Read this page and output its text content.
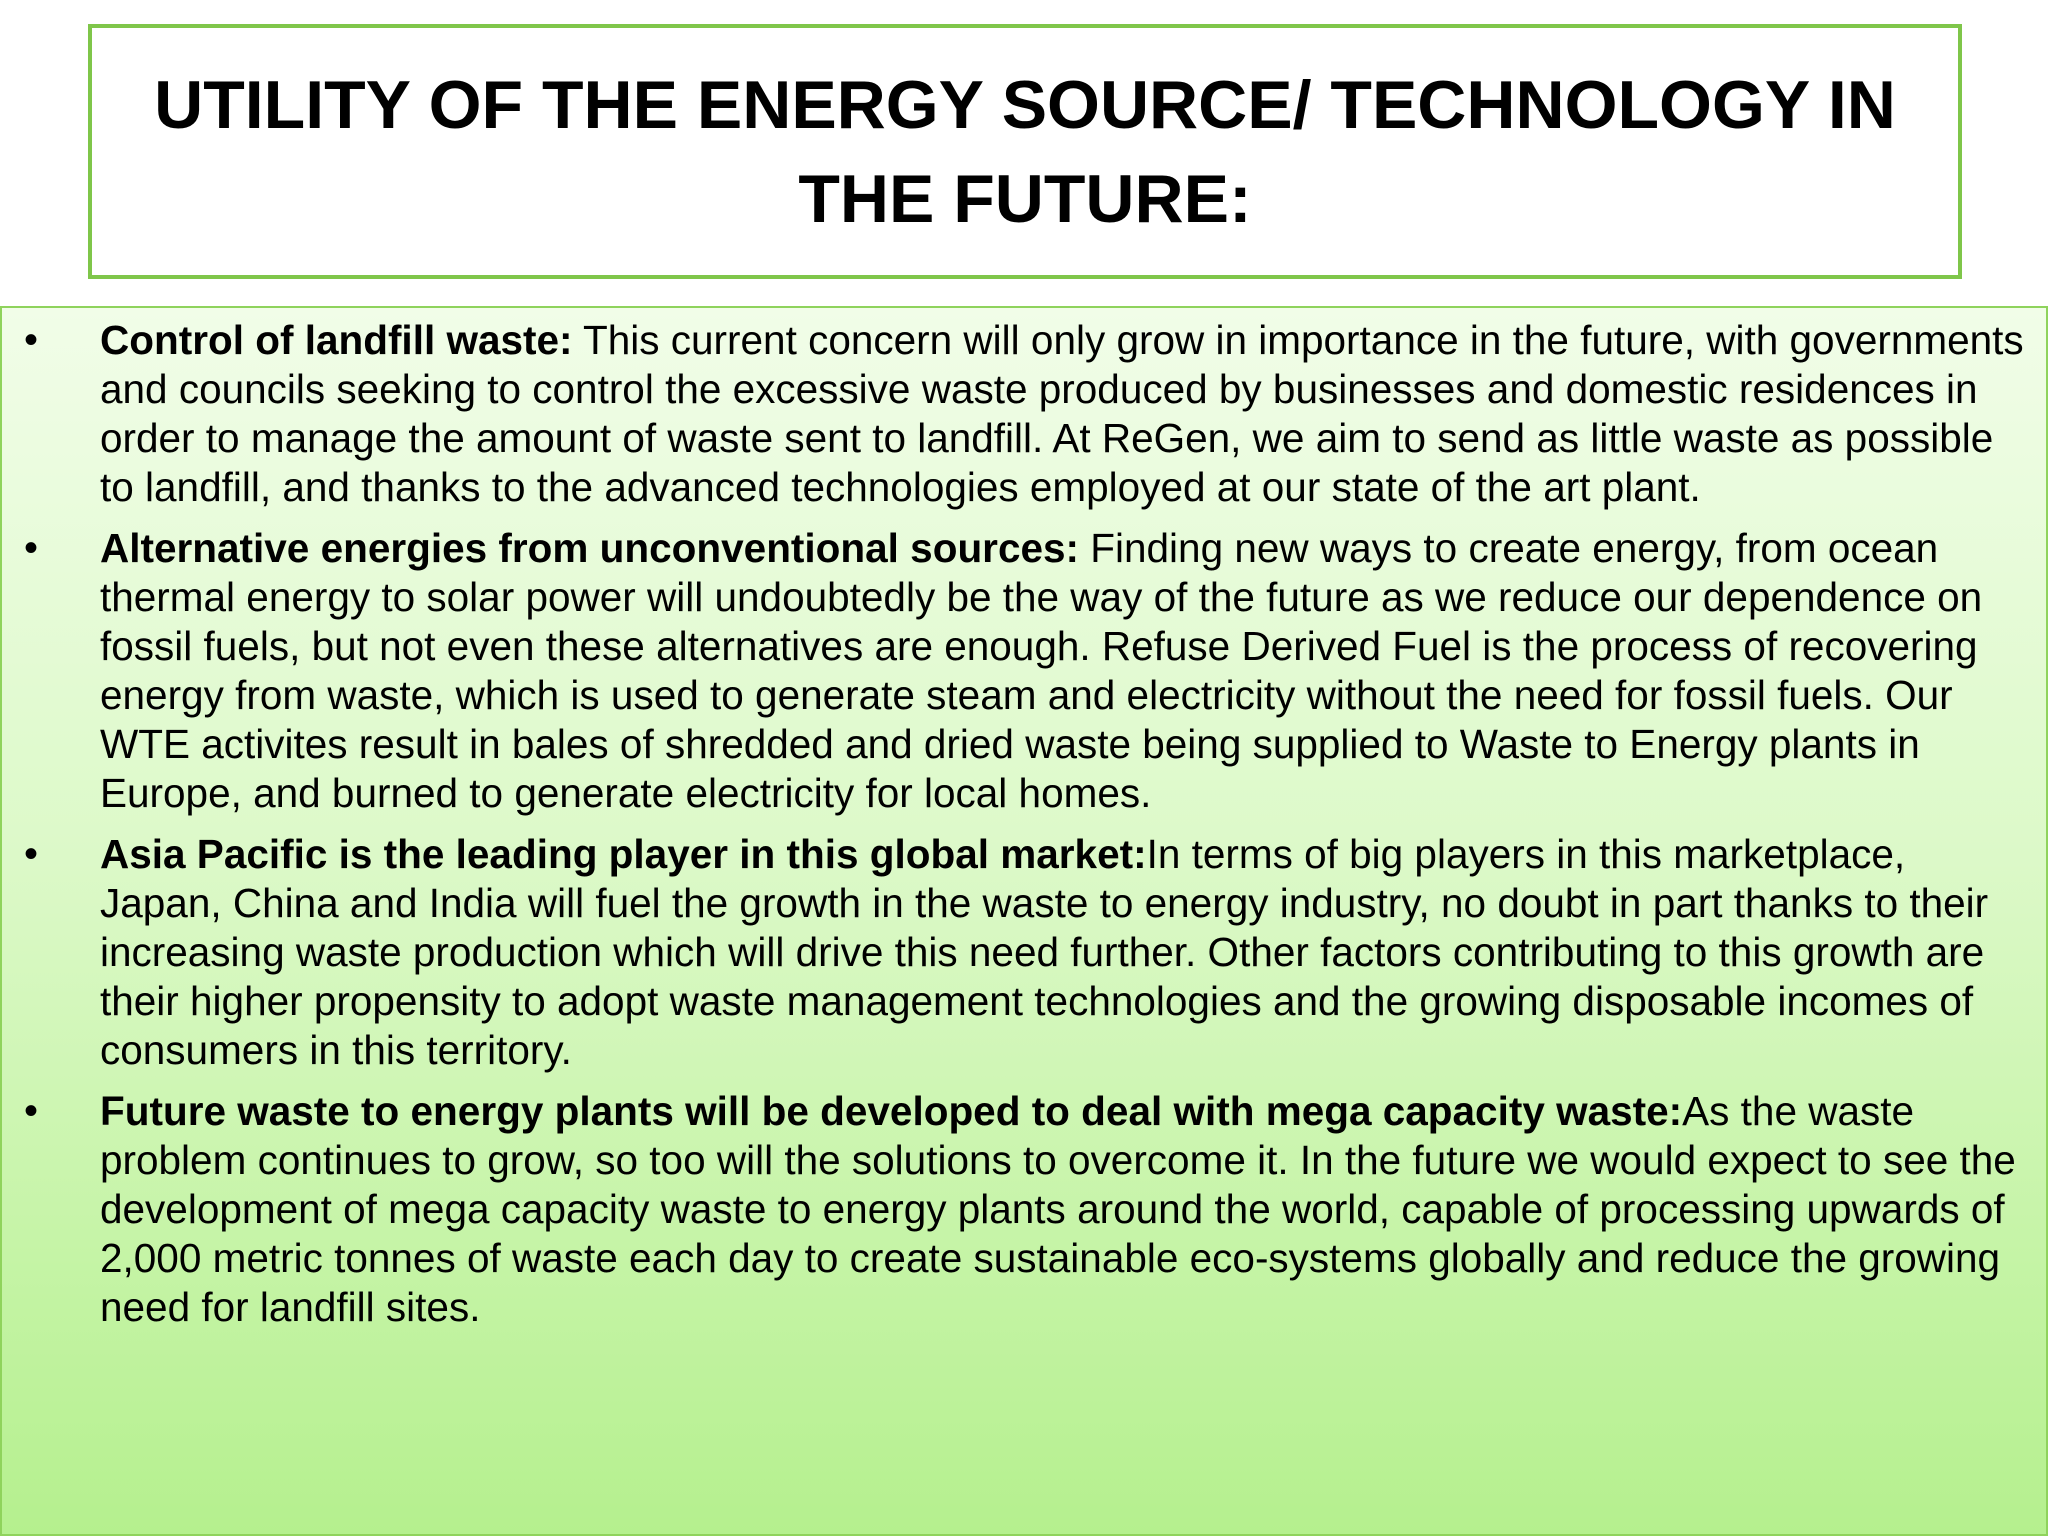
UTILITY OF THE ENERGY SOURCE/ TECHNOLOGY IN THE FUTURE:
• Control of landfill waste: This current concern will only grow in importance in the future, with governments and councils seeking to control the excessive waste produced by businesses and domestic residences in order to manage the amount of waste sent to landfill. At ReGen, we aim to send as little waste as possible to landfill, and thanks to the advanced technologies employed at our state of the art plant.
• Alternative energies from unconventional sources: Finding new ways to create energy, from ocean thermal energy to solar power will undoubtedly be the way of the future as we reduce our dependence on fossil fuels, but not even these alternatives are enough. Refuse Derived Fuel is the process of recovering energy from waste, which is used to generate steam and electricity without the need for fossil fuels. Our WTE activites result in bales of shredded and dried waste being supplied to Waste to Energy plants in Europe, and burned to generate electricity for local homes.
• Asia Pacific is the leading player in this global market:In terms of big players in this marketplace, Japan, China and India will fuel the growth in the waste to energy industry, no doubt in part thanks to their increasing waste production which will drive this need further. Other factors contributing to this growth are their higher propensity to adopt waste management technologies and the growing disposable incomes of consumers in this territory.
• Future waste to energy plants will be developed to deal with mega capacity waste:As the waste problem continues to grow, so too will the solutions to overcome it. In the future we would expect to see the development of mega capacity waste to energy plants around the world, capable of processing upwards of 2,000 metric tonnes of waste each day to create sustainable eco-systems globally and reduce the growing need for landfill sites.
